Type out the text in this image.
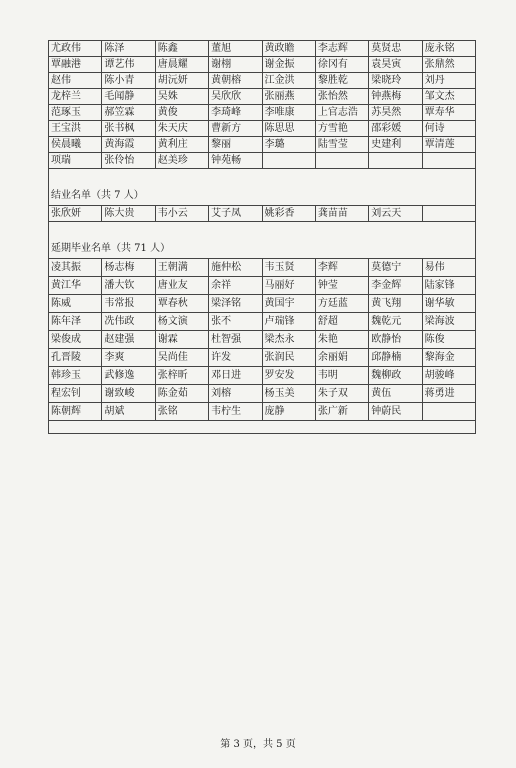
尤政伟	陈泽	陈鑫	董旭	黄政瞻	李志辉	莫贤忠	庞永铭
覃融港	谭艺伟	唐晨耀	谢栩	谢金振	徐冈有	袁昊寅	张鼎然
赵伟	陈小青	胡沅妍	黄朝榕	江金洪	黎胜乾	梁晓玲	刘丹
龙梓兰	毛闻静	吴姝	吴欣欣	张丽燕	张怡然	钟燕梅	邹文杰
范琢玉	郝笠霖	黄俊	李琦峰	李唯康	上官志浩	苏昊然	覃寿华
王宝洪	张书枫	朱天庆	曹新方	陈思思	方雪艳	邵彩媛	何诗
侯晨曦	黄海霞	黄利庄	黎丽	李璐	陆雪莹	史建利	覃清莲
项瑞	张伶怡	赵美珍	钟苑畅				
结业名单（共 7 人）
张欣妍	陈大贵	韦小云	艾子凤	姚彩香	龚苗苗	刘云天	
延期毕业名单（共 71 人）
凌其振	杨志梅	王朝满	施仲松	韦玉贤	李辉	莫德宁	易伟
黄江华	潘大钦	唐业友	余祥	马丽好	钟莹	李金辉	陆家锋
陈威	韦常报	覃春秋	梁泽铭	黄国宇	方廷蓝	黄飞翔	谢华敏
陈年泽	冼伟政	杨文演	张不	卢瑞锋	舒超	魏乾元	梁海波
梁俊成	赵建强	谢霖	杜智强	梁杰永	朱艳	欧静怡	陈俊
孔晋陵	李爽	吴尚佳	许发	张润民	余丽娟	邱静楠	黎海金
韩珍玉	武修逸	张梓昕	邓日进	罗安发	韦明	魏柳政	胡骏峰
程宏钊	谢致峻	陈金茹	刘榕	杨玉美	朱子双	黄伍	蒋勇进
陈朝辉	胡斌	张铭	韦柠生	庞静	张广新	钟蔚民	
第 3 页，共 5 页
